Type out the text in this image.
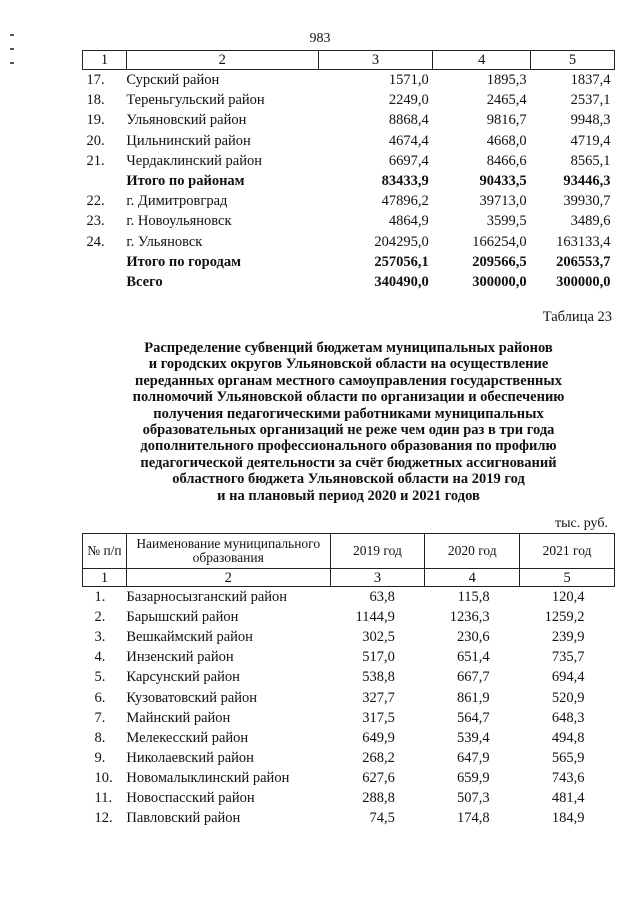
983
1	2	3	4	5
17.	Сурский район	1571,0	1895,3	1837,4
18.	Тереньгульский район	2249,0	2465,4	2537,1
19.	Ульяновский район	8868,4	9816,7	9948,3
20.	Цильнинский район	4674,4	4668,0	4719,4
21.	Чердаклинский район	6697,4	8466,6	8565,1
	Итого по районам	83433,9	90433,5	93446,3
22.	г. Димитровград	47896,2	39713,0	39930,7
23.	г. Новоульяновск	4864,9	3599,5	3489,6
24.	г. Ульяновск	204295,0	166254,0	163133,4
	Итого по городам	257056,1	209566,5	206553,7
	Всего	340490,0	300000,0	300000,0
Таблица 23
Распределение субвенций бюджетам муниципальных районов
и городских округов Ульяновской области на осуществление
переданных органам местного самоуправления государственных
полномочий Ульяновской области по организации и обеспечению
получения педагогическими работниками муниципальных
образовательных организаций не реже чем один раз в три года
дополнительного профессионального образования по профилю
педагогической деятельности за счёт бюджетных ассигнований
областного бюджета Ульяновской области на 2019 год
и на плановый период 2020 и 2021 годов
тыс. руб.
№ п/п	Наименование муниципального образования	2019 год	2020 год	2021 год
1	2	3	4	5
1.	Базарносызганский район	63,8	115,8	120,4
2.	Барышский район	1144,9	1236,3	1259,2
3.	Вешкаймский район	302,5	230,6	239,9
4.	Инзенский район	517,0	651,4	735,7
5.	Карсунский район	538,8	667,7	694,4
6.	Кузоватовский район	327,7	861,9	520,9
7.	Майнский район	317,5	564,7	648,3
8.	Мелекесский район	649,9	539,4	494,8
9.	Николаевский район	268,2	647,9	565,9
10.	Новомалыклинский район	627,6	659,9	743,6
11.	Новоспасский район	288,8	507,3	481,4
12.	Павловский район	74,5	174,8	184,9
